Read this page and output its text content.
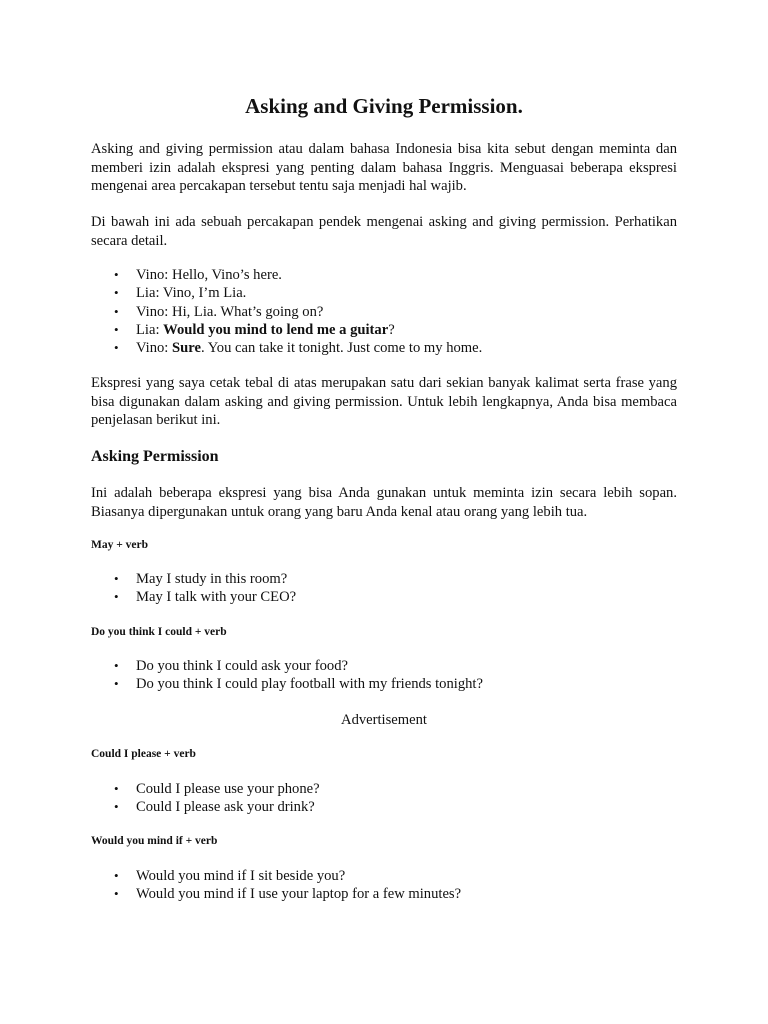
Asking and Giving Permission.

Asking and giving permission atau dalam bahasa Indonesia bisa kita sebut dengan meminta dan memberi izin adalah ekspresi yang penting dalam bahasa Inggris. Menguasai beberapa ekspresi mengenai area percakapan tersebut tentu saja menjadi hal wajib.

Di bawah ini ada sebuah percakapan pendek mengenai asking and giving permission. Perhatikan secara detail.

• Vino: Hello, Vino’s here.
• Lia: Vino, I’m Lia.
• Vino: Hi, Lia. What’s going on?
• Lia: Would you mind to lend me a guitar?
• Vino: Sure. You can take it tonight. Just come to my home.

Ekspresi yang saya cetak tebal di atas merupakan satu dari sekian banyak kalimat serta frase yang bisa digunakan dalam asking and giving permission. Untuk lebih lengkapnya, Anda bisa membaca penjelasan berikut ini.

Asking Permission

Ini adalah beberapa ekspresi yang bisa Anda gunakan untuk meminta izin secara lebih sopan. Biasanya dipergunakan untuk orang yang baru Anda kenal atau orang yang lebih tua.

May + verb
• May I study in this room?
• May I talk with your CEO?
Do you think I could + verb
• Do you think I could ask your food?
• Do you think I could play football with my friends tonight?
Advertisement
Could I please + verb
• Could I please use your phone?
• Could I please ask your drink?
Would you mind if + verb
• Would you mind if I sit beside you?
• Would you mind if I use your laptop for a few minutes?
